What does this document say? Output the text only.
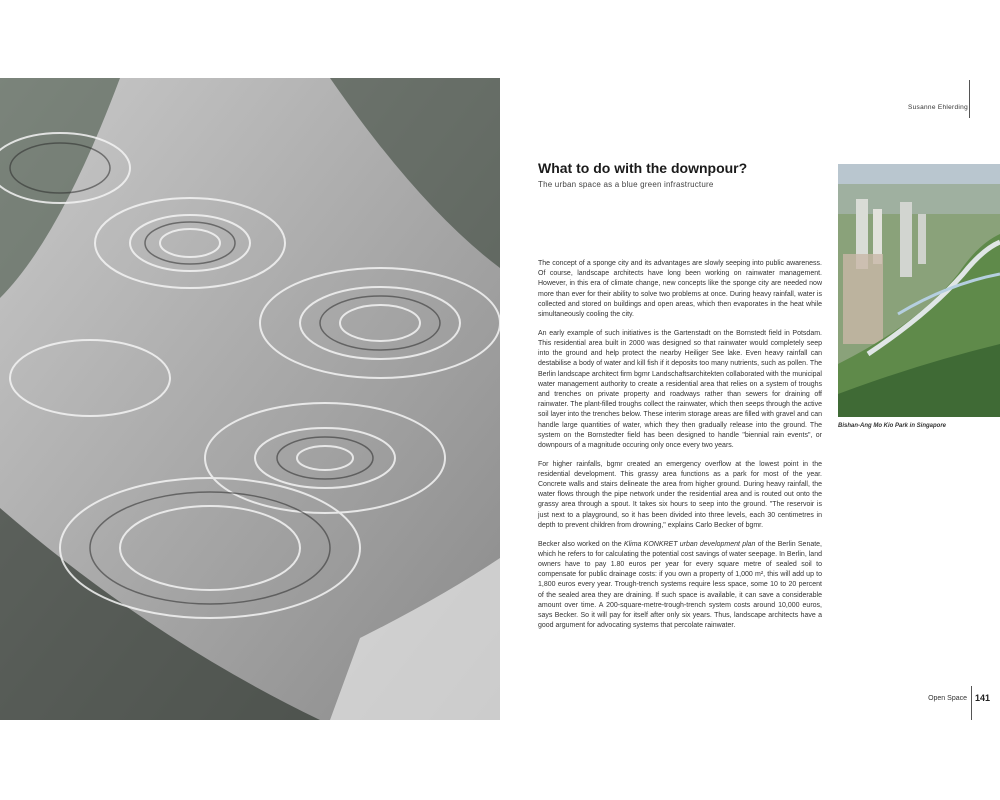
Susanne Ehlerding
What to do with the downpour?
The urban space as a blue green infrastructure

The concept of a sponge city and its advantages are slowly seeping into public awareness. Of course, landscape architects have long been working on rainwater management. However, in this era of climate change, new concepts like the sponge city are needed now more than ever for their ability to solve two problems at once. During heavy rainfall, water is collected and stored on buildings and open areas, which then evaporates in the heat while simultaneously cooling the city.

An early example of such initiatives is the Gartenstadt on the Bornstedt field in Potsdam. This residential area built in 2000 was designed so that rainwater would completely seep into the ground and help protect the nearby Heiliger See lake. Even heavy rainfall can destabilise a body of water and kill fish if it deposits too many nutrients, such as pollen. The Berlin landscape architect firm bgmr Landschaftsarchitekten collaborated with the municipal water management authority to create a residential area that relies on a system of troughs and trenches on private property and roadways rather than sewers for draining off rainwater. The plant-filled troughs collect the rainwater, which then seeps through the active soil layer into the trenches below. These interim storage areas are filled with gravel and can handle large quantities of water, which they then gradually release into the ground. The system on the Bornstedter field has been designed to handle "biennial rain events", or downpours of a magnitude occuring only once every two years.

For higher rainfalls, bgmr created an emergency overflow at the lowest point in the residential development. This grassy area functions as a park for most of the year. Concrete walls and stairs delineate the area from higher ground. During heavy rainfall, the water flows through the pipe network under the residential area and is routed out onto the grassy area through a spout. It takes six hours to seep into the ground. "The reservoir is just next to a playground, so it has been divided into three levels, each 30 centimetres in depth to prevent children from drowning," explains Carlo Becker of bgmr.

Becker also worked on the Klima KONKRET urban development plan of the Berlin Senate, which he refers to for calculating the potential cost savings of water seepage. In Berlin, land owners have to pay 1.80 euros per year for every square metre of sealed soil to compensate for public drainage costs: if you own a property of 1,000 m², this will add up to 1,800 euros every year. Trough-trench systems require less space, some 10 to 20 percent of the sealed area they are draining. If such space is available, it can save a considerable amount over time. A 200-square-metre-trough-trench system costs around 10,000 euros, says Becker. So it will pay for itself after only six years. Thus, landscape architects have a good argument for advocating systems that percolate rainwater.

Bishan-Ang Mo Kio Park in Singapore
Open Space 141
